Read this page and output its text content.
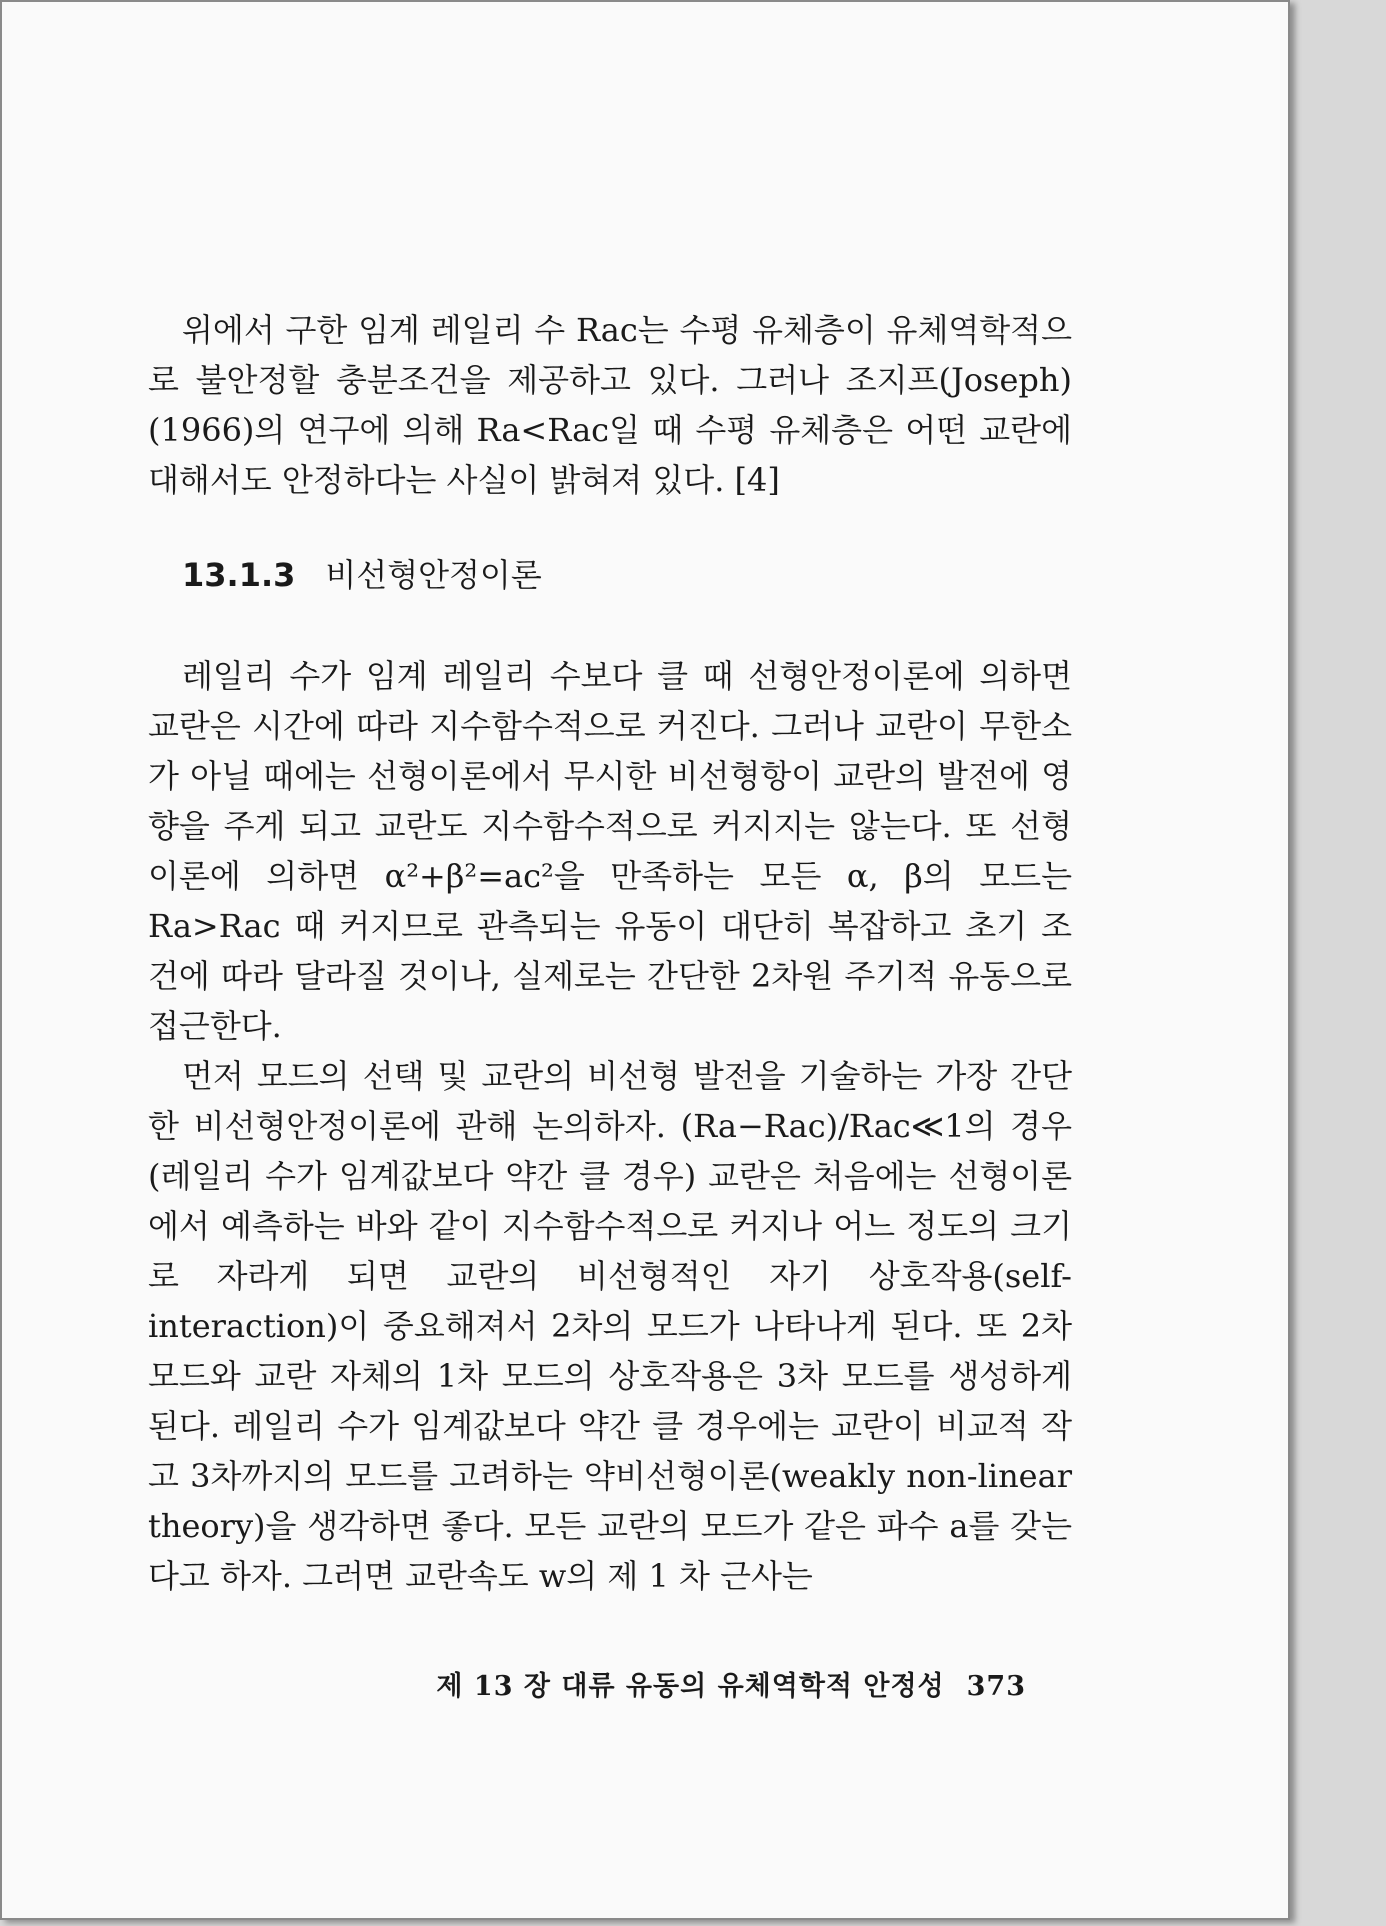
위에서 구한 임계 레일리 수 Raᴄ는 수평 유체층이 유체역학적으로 불안정할 충분조건을 제공하고 있다. 그러나 조지프(Joseph) (1966)의 연구에 의해 Ra<Raᴄ일 때 수평 유체층은 어떤 교란에 대해서도 안정하다는 사실이 밝혀져 있다. [4]

13.1.3 비선형안정이론

레일리 수가 임계 레일리 수보다 클 때 선형안정이론에 의하면 교란은 시간에 따라 지수함수적으로 커진다. 그러나 교란이 무한소가 아닐 때에는 선형이론에서 무시한 비선형항이 교란의 발전에 영향을 주게 되고 교란도 지수함수적으로 커지지는 않는다. 또 선형이론에 의하면 α²+β²=aᴄ²을 만족하는 모든 α, β의 모드는 Ra>Raᴄ 때 커지므로 관측되는 유동이 대단히 복잡하고 초기 조건에 따라 달라질 것이나, 실제로는 간단한 2차원 주기적 유동으로 접근한다.

먼저 모드의 선택 및 교란의 비선형 발전을 기술하는 가장 간단한 비선형안정이론에 관해 논의하자. (Ra−Raᴄ)/Raᴄ≪1의 경우(레일리 수가 임계값보다 약간 클 경우) 교란은 처음에는 선형이론에서 예측하는 바와 같이 지수함수적으로 커지나 어느 정도의 크기로 자라게 되면 교란의 비선형적인 자기 상호작용(self-interaction)이 중요해져서 2차의 모드가 나타나게 된다. 또 2차 모드와 교란 자체의 1차 모드의 상호작용은 3차 모드를 생성하게 된다. 레일리 수가 임계값보다 약간 클 경우에는 교란이 비교적 작고 3차까지의 모드를 고려하는 약비선형이론(weakly non-linear theory)을 생각하면 좋다. 모든 교란의 모드가 같은 파수 a를 갖는다고 하자. 그러면 교란속도 w의 제 1 차 근사는

제 13 장 대류 유동의 유체역학적 안정성 373
